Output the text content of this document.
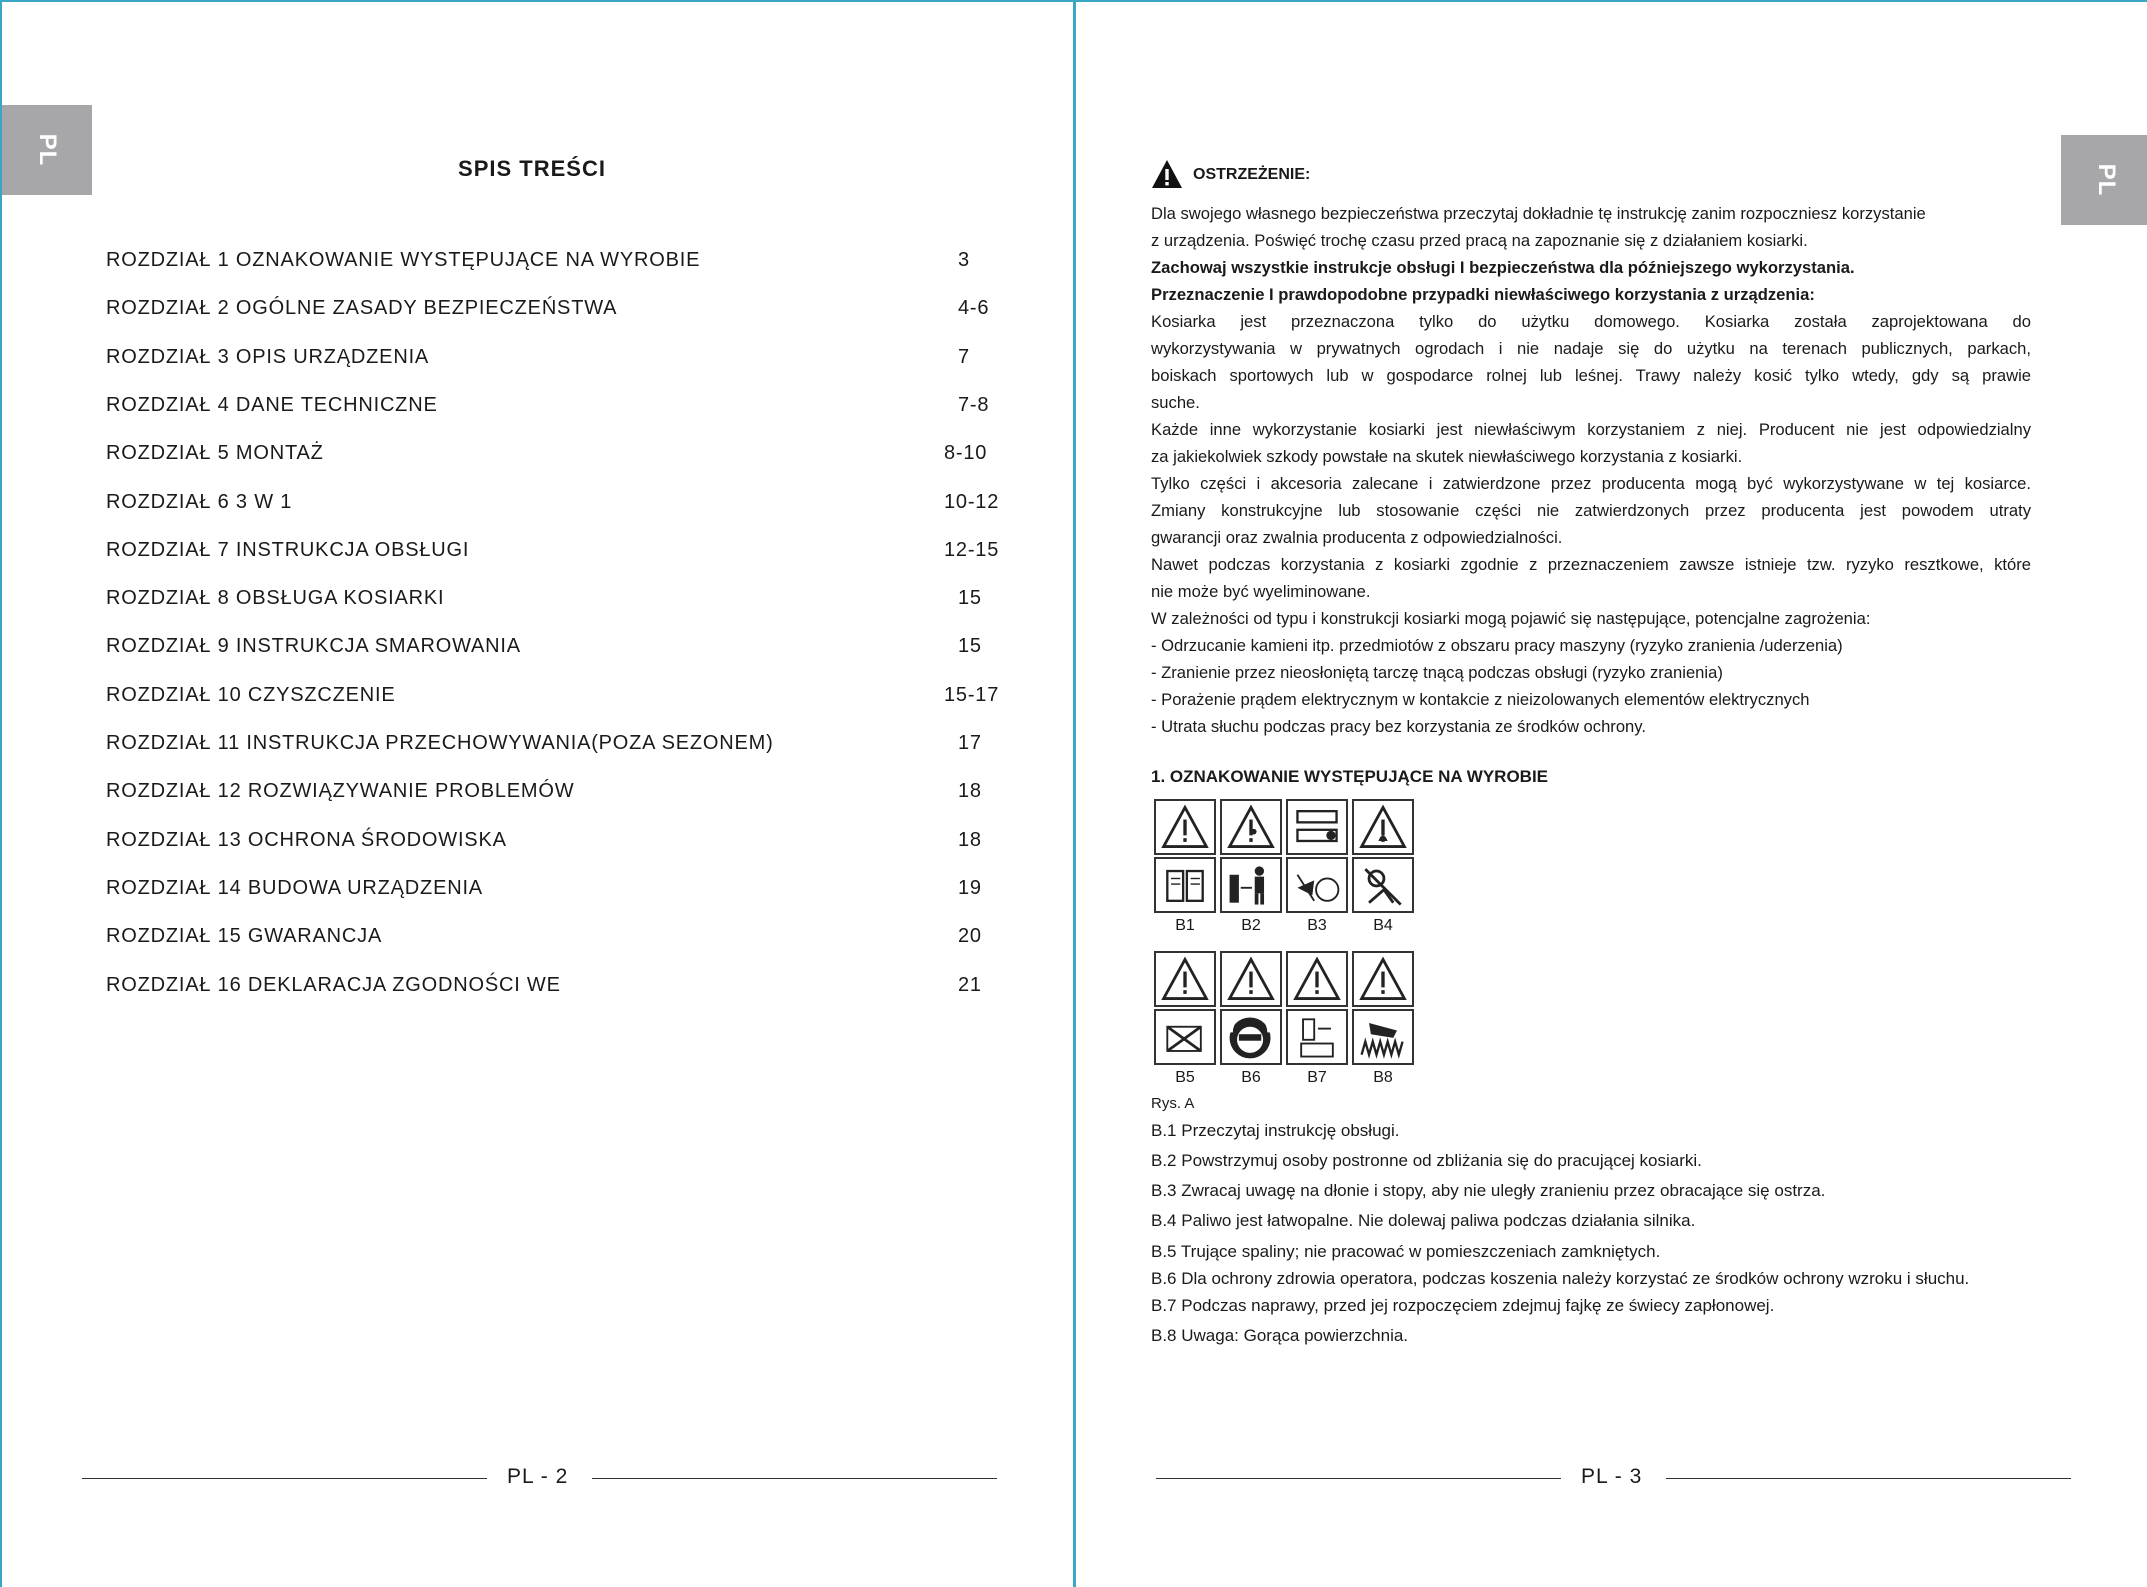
PL
SPIS TREŚCI
ROZDZIAŁ 1 OZNAKOWANIE WYSTĘPUJĄCE NA WYROBIE	3
ROZDZIAŁ 2 OGÓLNE ZASADY BEZPIECZEŃSTWA	4-6
ROZDZIAŁ 3 OPIS URZĄDZENIA	7
ROZDZIAŁ 4 DANE TECHNICZNE	7-8
ROZDZIAŁ 5 MONTAŻ	8-10
ROZDZIAŁ 6 3 W 1	10-12
ROZDZIAŁ 7 INSTRUKCJA OBSŁUGI	12-15
ROZDZIAŁ 8 OBSŁUGA KOSIARKI	15
ROZDZIAŁ 9 INSTRUKCJA SMAROWANIA	15
ROZDZIAŁ 10 CZYSZCZENIE	15-17
ROZDZIAŁ 11 INSTRUKCJA PRZECHOWYWANIA(POZA SEZONEM)	17
ROZDZIAŁ 12 ROZWIĄZYWANIE PROBLEMÓW	18
ROZDZIAŁ 13 OCHRONA ŚRODOWISKA	18
ROZDZIAŁ 14 BUDOWA URZĄDZENIA	19
ROZDZIAŁ 15 GWARANCJA	20
ROZDZIAŁ 16 DEKLARACJA ZGODNOŚCI WE	21
PL - 2
PL
OSTRZEŻENIE:
Dla swojego własnego bezpieczeństwa przeczytaj dokładnie tę instrukcję zanim rozpoczniesz korzystanie
z urządzenia. Poświęć trochę czasu przed pracą na zapoznanie się z działaniem kosiarki.
Zachowaj wszystkie instrukcje obsługi I bezpieczeństwa dla późniejszego wykorzystania.
Przeznaczenie I prawdopodobne przypadki niewłaściwego korzystania z urządzenia:
Kosiarka jest przeznaczona tylko do użytku domowego. Kosiarka została zaprojektowana do
wykorzystywania w prywatnych ogrodach i nie nadaje się do użytku na terenach publicznych, parkach,
boiskach sportowych lub w gospodarce rolnej lub leśnej. Trawy należy kosić tylko wtedy, gdy są prawie
suche.
Każde inne wykorzystanie kosiarki jest niewłaściwym korzystaniem z niej. Producent nie jest odpowiedzialny
za jakiekolwiek szkody powstałe na skutek niewłaściwego korzystania z kosiarki.
Tylko części i akcesoria zalecane i zatwierdzone przez producenta mogą być wykorzystywane w tej kosiarce.
Zmiany konstrukcyjne lub stosowanie części nie zatwierdzonych przez producenta jest powodem utraty
gwarancji oraz zwalnia producenta z odpowiedzialności.
Nawet podczas korzystania z kosiarki zgodnie z przeznaczeniem zawsze istnieje tzw. ryzyko resztkowe, które
nie może być wyeliminowane.
W zależności od typu i konstrukcji kosiarki mogą pojawić się następujące, potencjalne zagrożenia:
- Odrzucanie kamieni itp. przedmiotów z obszaru pracy maszyny (ryzyko zranienia /uderzenia)
- Zranienie przez nieosłoniętą tarczę tnącą podczas obsługi (ryzyko zranienia)
- Porażenie prądem elektrycznym w kontakcie z nieizolowanych elementów elektrycznych
- Utrata słuchu podczas pracy bez korzystania ze środków ochrony.
1. OZNAKOWANIE WYSTĘPUJĄCE NA WYROBIE
B1	B2	B3	B4
B5	B6	B7	B8
Rys. A
B.1 Przeczytaj instrukcję obsługi.
B.2 Powstrzymuj osoby postronne od zbliżania się do pracującej kosiarki.
B.3 Zwracaj uwagę na dłonie i stopy, aby nie uległy zranieniu przez obracające się ostrza.
B.4 Paliwo jest łatwopalne. Nie dolewaj paliwa podczas działania silnika.
B.5 Trujące spaliny; nie pracować w pomieszczeniach zamkniętych.
B.6 Dla ochrony zdrowia operatora, podczas koszenia należy korzystać ze środków ochrony wzroku i słuchu.
B.7 Podczas naprawy, przed jej rozpoczęciem zdejmuj fajkę ze świecy zapłonowej.
B.8 Uwaga: Gorąca powierzchnia.
PL - 3
